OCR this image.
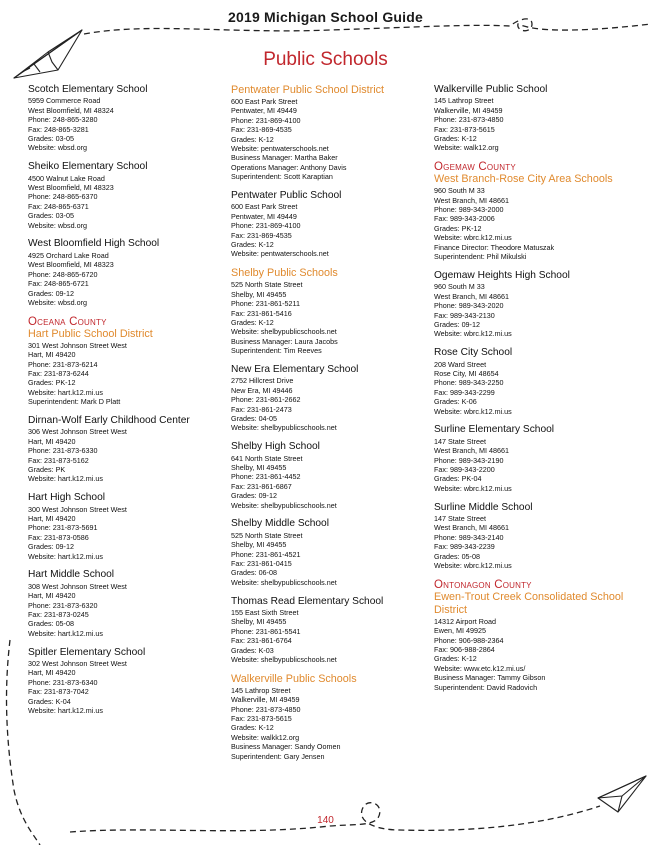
2019 Michigan School Guide
Public Schools
Scotch Elementary School
5959 Commerce Road
West Bloomfield, MI 48324
Phone: 248-865-3280
Fax: 248-865-3281
Grades: 03-05
Website: wbsd.org
Sheiko Elementary School
4500 Walnut Lake Road
West Bloomfield, MI 48323
Phone: 248-865-6370
Fax: 248-865-6371
Grades: 03-05
Website: wbsd.org
West Bloomfield High School
4925 Orchard Lake Road
West Bloomfield, MI 48323
Phone: 248-865-6720
Fax: 248-865-6721
Grades: 09-12
Website: wbsd.org
Oceana County
Hart Public School District
301 West Johnson Street West
Hart, MI 49420
Phone: 231-873-6214
Fax: 231-873-6244
Grades: PK-12
Website: hart.k12.mi.us
Superintendent: Mark D Platt
Dirnan-Wolf Early Childhood Center
306 West Johnson Street West
Hart, MI 49420
Phone: 231-873-6330
Fax: 231-873-5162
Grades: PK
Website: hart.k12.mi.us
Hart High School
300 West Johnson Street West
Hart, MI 49420
Phone: 231-873-5691
Fax: 231-873-0586
Grades: 09-12
Website: hart.k12.mi.us
Hart Middle School
308 West Johnson Street West
Hart, MI 49420
Phone: 231-873-6320
Fax: 231-873-0245
Grades: 05-08
Website: hart.k12.mi.us
Spitler Elementary School
302 West Johnson Street West
Hart, MI 49420
Phone: 231-873-6340
Fax: 231-873-7042
Grades: K-04
Website: hart.k12.mi.us
Pentwater Public School District
600 East Park Street
Pentwater, MI 49449
Phone: 231-869-4100
Fax: 231-869-4535
Grades: K-12
Website: pentwaterschools.net
Business Manager: Martha Baker
Operations Manager: Anthony Davis
Superintendent: Scott Karaptian
Pentwater Public School
600 East Park Street
Pentwater, MI 49449
Phone: 231-869-4100
Fax: 231-869-4535
Grades: K-12
Website: pentwaterschools.net
Shelby Public Schools
525 North State Street
Shelby, MI 49455
Phone: 231-861-5211
Fax: 231-861-5416
Grades: K-12
Website: shelbypublicschools.net
Business Manager: Laura Jacobs
Superintendent: Tim Reeves
New Era Elementary School
2752 Hillcrest Drive
New Era, MI 49446
Phone: 231-861-2662
Fax: 231-861-2473
Grades: 04-05
Website: shelbypublicschools.net
Shelby High School
641 North State Street
Shelby, MI 49455
Phone: 231-861-4452
Fax: 231-861-6867
Grades: 09-12
Website: shelbypublicschools.net
Shelby Middle School
525 North State Street
Shelby, MI 49455
Phone: 231-861-4521
Fax: 231-861-0415
Grades: 06-08
Website: shelbypublicschools.net
Thomas Read Elementary School
155 East Sixth Street
Shelby, MI 49455
Phone: 231-861-5541
Fax: 231-861-6764
Grades: K-03
Website: shelbypublicschools.net
Walkerville Public Schools
145 Lathrop Street
Walkerville, MI 49459
Phone: 231-873-4850
Fax: 231-873-5615
Grades: K-12
Website: walkk12.org
Business Manager: Sandy Oomen
Superintendent: Gary Jensen
Walkerville Public School
145 Lathrop Street
Walkerville, MI 49459
Phone: 231-873-4850
Fax: 231-873-5615
Grades: K-12
Website: walk12.org
Ogemaw County
West Branch-Rose City Area Schools
960 South M 33
West Branch, MI 48661
Phone: 989-343-2000
Fax: 989-343-2006
Grades: PK-12
Website: wbrc.k12.mi.us
Finance Director: Theodore Matuszak
Superintendent: Phil Mikulski
Ogemaw Heights High School
960 South M 33
West Branch, MI 48661
Phone: 989-343-2020
Fax: 989-343-2130
Grades: 09-12
Website: wbrc.k12.mi.us
Rose City School
208 Ward Street
Rose City, MI 48654
Phone: 989-343-2250
Fax: 989-343-2299
Grades: K-06
Website: wbrc.k12.mi.us
Surline Elementary School
147 State Street
West Branch, MI 48661
Phone: 989-343-2190
Fax: 989-343-2200
Grades: PK-04
Website: wbrc.k12.mi.us
Surline Middle School
147 State Street
West Branch, MI 48661
Phone: 989-343-2140
Fax: 989-343-2239
Grades: 05-08
Website: wbrc.k12.mi.us
Ontonagon County
Ewen-Trout Creek Consolidated School District
14312 Airport Road
Ewen, MI 49925
Phone: 906-988-2364
Fax: 906-988-2864
Grades: K-12
Website: www.etc.k12.mi.us/
Business Manager: Tammy Gibson
Superintendent: David Radovich
140
